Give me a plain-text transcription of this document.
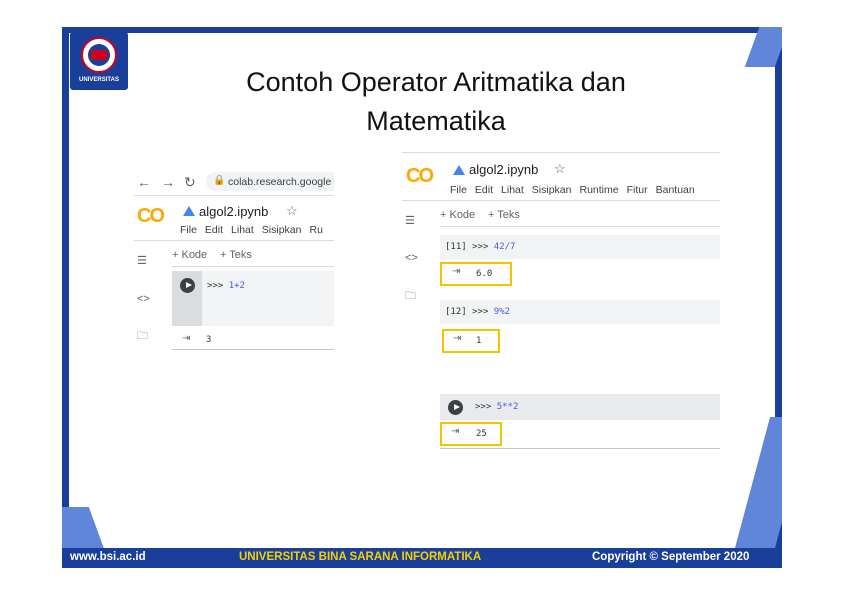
UNIVERSITAS	Contoh Operator Aritmatika dan
Matematika
← → ↻ 🔒 colab.research.google
CO	algol2.ipynb ☆
File Edit Lihat Sisipkan Ru
☰ + Kode + Teks
<>
🗀
>>> 1+2
⇥ 3
CO	algol2.ipynb ☆
File Edit Lihat Sisipkan Runtime Fitur Bantuan
☰ + Kode + Teks
<>
🗀
[11] >>> 42/7
⇥ 6.0
[12] >>> 9%2
⇥ 1
>>> 5**2
⇥ 25
www.bsi.ac.id	UNIVERSITAS BINA SARANA INFORMATIKA	Copyright © September 2020
